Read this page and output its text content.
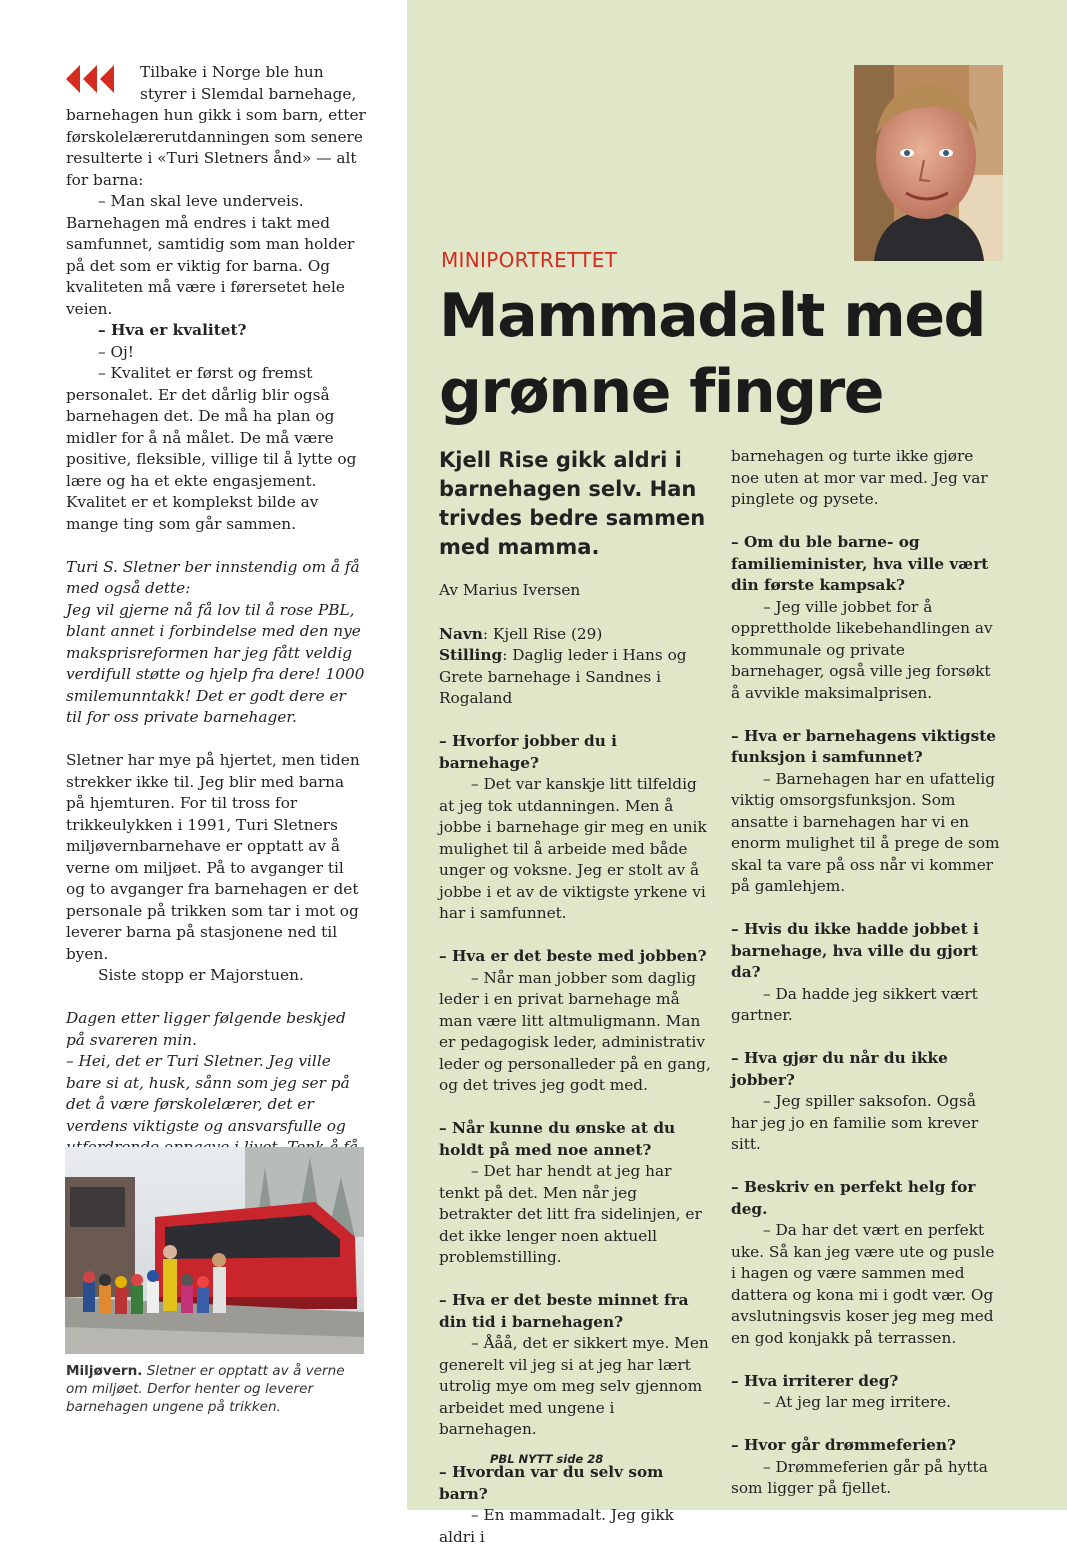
Tilbake i Norge ble hun styrer i Slemdal barnehage, barnehagen hun gikk i som barn, etter førskolelærerutdanningen som senere resulterte i «Turi Sletners ånd» — alt for barna:

– Man skal leve underveis.

Barnehagen må endres i takt med samfunnet, samtidig som man holder på det som er viktig for barna. Og kvaliteten må være i førersetet hele veien.

– Hva er kvalitet?

– Oj!

– Kvalitet er først og fremst personalet. Er det dårlig blir også barnehagen det. De må ha plan og midler for å nå målet. De må være positive, fleksible, villige til å lytte og lære og ha et ekte engasjement. Kvalitet er et komplekst bilde av mange ting som går sammen.

Turi S. Sletner ber innstendig om å få med også dette:

Jeg vil gjerne nå få lov til å rose PBL, blant annet i forbindelse med den nye maksprisreformen har jeg fått veldig verdifull støtte og hjelp fra dere! 1000 smilemunntakk! Det er godt dere er til for oss private barnehager.

Sletner har mye på hjertet, men tiden strekker ikke til. Jeg blir med barna på hjemturen. For til tross for trikkeulykken i 1991, Turi Sletners miljøvernbarnehave er opptatt av å verne om miljøet. På to avganger til og to avganger fra barnehagen er det personale på trikken som tar i mot og leverer barna på stasjonene ned til byen.

Siste stopp er Majorstuen.

Dagen etter ligger følgende beskjed på svareren min.

– Hei, det er Turi Sletner. Jeg ville bare si at, husk, sånn som jeg ser på det å være førskolelærer, det er verdens viktigste og ansvarsfulle og

Miljøvern. Sletner er opptatt av å verne om miljøet. Derfor henter og leverer barnehagen ungene på trikken.

MINIPORTRETTET
Mammadalt med grønne fingre

Kjell Rise gikk aldri i barnehagen selv. Han trivdes bedre sammen med mamma.

Av Marius Iversen

Navn: Kjell Rise (29)

Stilling: Daglig leder i Hans og Grete barnehage i Sandnes i Rogaland

– Hvorfor jobber du i barnehage?

– Det var kanskje litt tilfeldig at jeg tok utdanningen. Men å jobbe i barnehage gir meg en unik mulighet til å arbeide med både unger og voksne. Jeg er stolt av å jobbe i et av de viktigste yrkene vi har i samfunnet.

– Hva er det beste med jobben?

– Når man jobber som daglig leder i en privat barnehage må man være litt altmuligmann. Man er pedagogisk leder, administrativ leder og personalleder på en gang, og det trives jeg godt med.

– Når kunne du ønske at du holdt på med noe annet?

– Det har hendt at jeg har tenkt på det. Men når jeg betrakter det litt fra sidelinjen, er det ikke lenger noen aktuell problemstilling.

– Hva er det beste minnet fra din tid i barnehagen?

– Ååå, det er sikkert mye. Men generelt vil jeg si at jeg har lært utrolig mye om meg selv gjennom arbeidet med ungene i barnehagen.

– Hvordan var du selv som barn?

– En mammadalt. Jeg gikk aldri i

barnehagen og turte ikke gjøre noe uten at mor var med. Jeg var pinglete og pysete.

– Om du ble barne- og familieminister, hva ville vært din første kampsak?

– Jeg ville jobbet for å opprettholde likebehandlingen av kommunale og private barnehager, også ville jeg forsøkt å avvikle maksimalprisen.

– Hva er barnehagens viktigste funksjon i samfunnet?

– Barnehagen har en ufattelig viktig omsorgsfunksjon. Som ansatte i barnehagen har vi en enorm mulighet til å prege de som skal ta vare på oss når vi kommer på gamlehjem.

– Hvis du ikke hadde jobbet i barnehage, hva ville du gjort da?

– Da hadde jeg sikkert vært gartner.

– Hva gjør du når du ikke jobber?

– Jeg spiller saksofon. Også har jeg jo en familie som krever sitt.

– Beskriv en perfekt helg for deg.

– Da har det vært en perfekt uke. Så kan jeg være ute og pusle i hagen og være sammen med dattera og kona mi i godt vær. Og avslutningsvis koser jeg meg med en god konjakk på terrassen.

– Hva irriterer deg?

– At jeg lar meg irritere.

– Hvor går drømmeferien?

– Drømmeferien går på hytta som ligger på fjellet.

PBL NYTT side 28
